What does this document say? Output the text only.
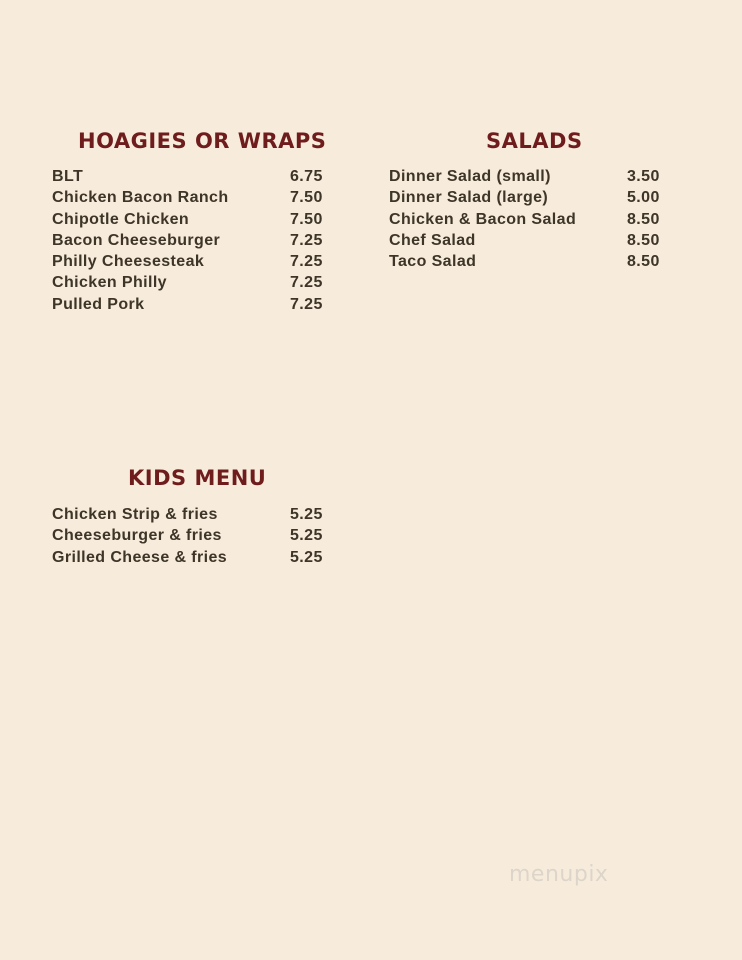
HOAGIES OR WRAPS
BLT	6.75
Chicken Bacon Ranch	7.50
Chipotle Chicken	7.50
Bacon Cheeseburger	7.25
Philly Cheesesteak	7.25
Chicken Philly	7.25
Pulled Pork	7.25
SALADS
Dinner Salad (small)	3.50
Dinner Salad (large)	5.00
Chicken & Bacon Salad	8.50
Chef Salad	8.50
Taco Salad	8.50
KIDS MENU
Chicken Strip & fries	5.25
Cheeseburger & fries	5.25
Grilled Cheese & fries	5.25
menupix
